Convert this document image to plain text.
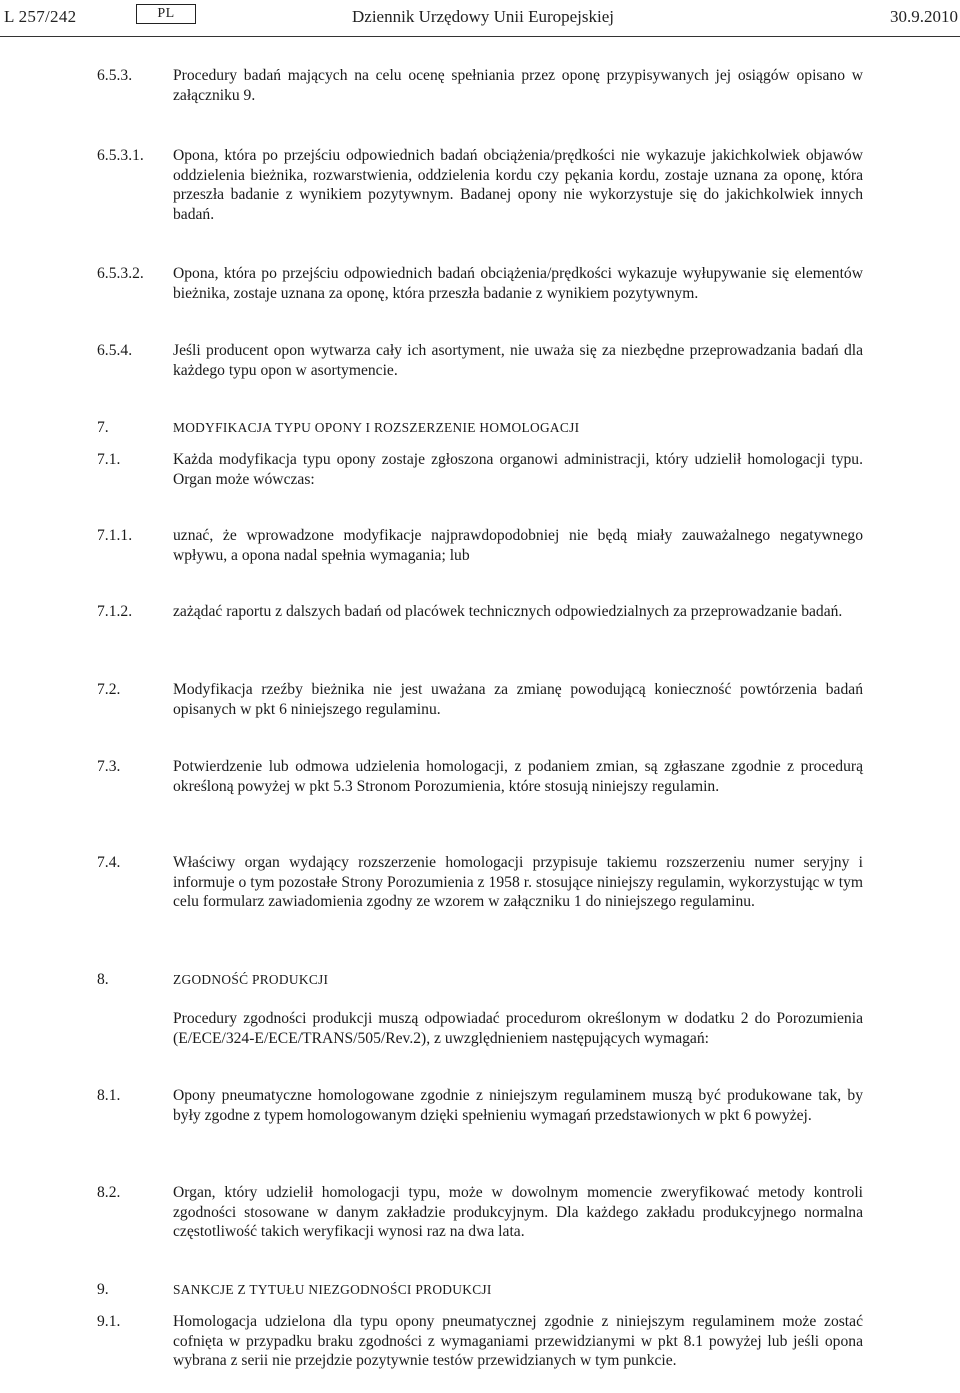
L 257/242	PL	Dziennik Urzędowy Unii Europejskiej	30.9.2010
6.5.3.	Procedury badań mających na celu ocenę spełniania przez oponę przypisywanych jej osiągów opisano w załączniku 9.
6.5.3.1. Opona, która po przejściu odpowiednich badań obciążenia/prędkości nie wykazuje jakichkolwiek objawów oddzielenia bieżnika, rozwarstwienia, oddzielenia kordu czy pękania kordu, zostaje uznana za oponę, która przeszła badanie z wynikiem pozytywnym. Badanej opony nie wykorzystuje się do jakichkolwiek innych badań.
6.5.3.2. Opona, która po przejściu odpowiednich badań obciążenia/prędkości wykazuje wyłupywanie się elementów bieżnika, zostaje uznana za oponę, która przeszła badanie z wynikiem pozytywnym.
6.5.4.	Jeśli producent opon wytwarza cały ich asortyment, nie uważa się za niezbędne przeprowadzania badań dla każdego typu opon w asortymencie.
7.	MODYFIKACJA TYPU OPONY I ROZSZERZENIE HOMOLOGACJI
7.1.	Każda modyfikacja typu opony zostaje zgłoszona organowi administracji, który udzielił homologacji typu. Organ może wówczas:
7.1.1.	uznać, że wprowadzone modyfikacje najprawdopodobniej nie będą miały zauważalnego negatywnego wpływu, a opona nadal spełnia wymagania; lub
7.1.2.	zażądać raportu z dalszych badań od placówek technicznych odpowiedzialnych za przeprowadzanie badań.
7.2.	Modyfikacja rzeźby bieżnika nie jest uważana za zmianę powodującą konieczność powtórzenia badań opisanych w pkt 6 niniejszego regulaminu.
7.3.	Potwierdzenie lub odmowa udzielenia homologacji, z podaniem zmian, są zgłaszane zgodnie z procedurą określoną powyżej w pkt 5.3 Stronom Porozumienia, które stosują niniejszy regulamin.
7.4.	Właściwy organ wydający rozszerzenie homologacji przypisuje takiemu rozszerzeniu numer seryjny i informuje o tym pozostałe Strony Porozumienia z 1958 r. stosujące niniejszy regulamin, wykorzystując w tym celu formularz zawiadomienia zgodny ze wzorem w załączniku 1 do niniejszego regulaminu.
8.	ZGODNOŚĆ PRODUKCJI
Procedury zgodności produkcji muszą odpowiadać procedurom określonym w dodatku 2 do Porozumienia (E/ECE/324-E/ECE/TRANS/505/Rev.2), z uwzględnieniem następujących wymagań:
8.1.	Opony pneumatyczne homologowane zgodnie z niniejszym regulaminem muszą być produkowane tak, by były zgodne z typem homologowanym dzięki spełnieniu wymagań przedstawionych w pkt 6 powyżej.
8.2.	Organ, który udzielił homologacji typu, może w dowolnym momencie zweryfikować metody kontroli zgodności stosowane w danym zakładzie produkcyjnym. Dla każdego zakładu produkcyjnego normalna częstotliwość takich weryfikacji wynosi raz na dwa lata.
9.	SANKCJE Z TYTUŁU NIEZGODNOŚCI PRODUKCJI
9.1.	Homologacja udzielona dla typu opony pneumatycznej zgodnie z niniejszym regulaminem może zostać cofnięta w przypadku braku zgodności z wymaganiami przewidzianymi w pkt 8.1 powyżej lub jeśli opona wybrana z serii nie przejdzie pozytywnie testów przewidzianych w tym punkcie.
